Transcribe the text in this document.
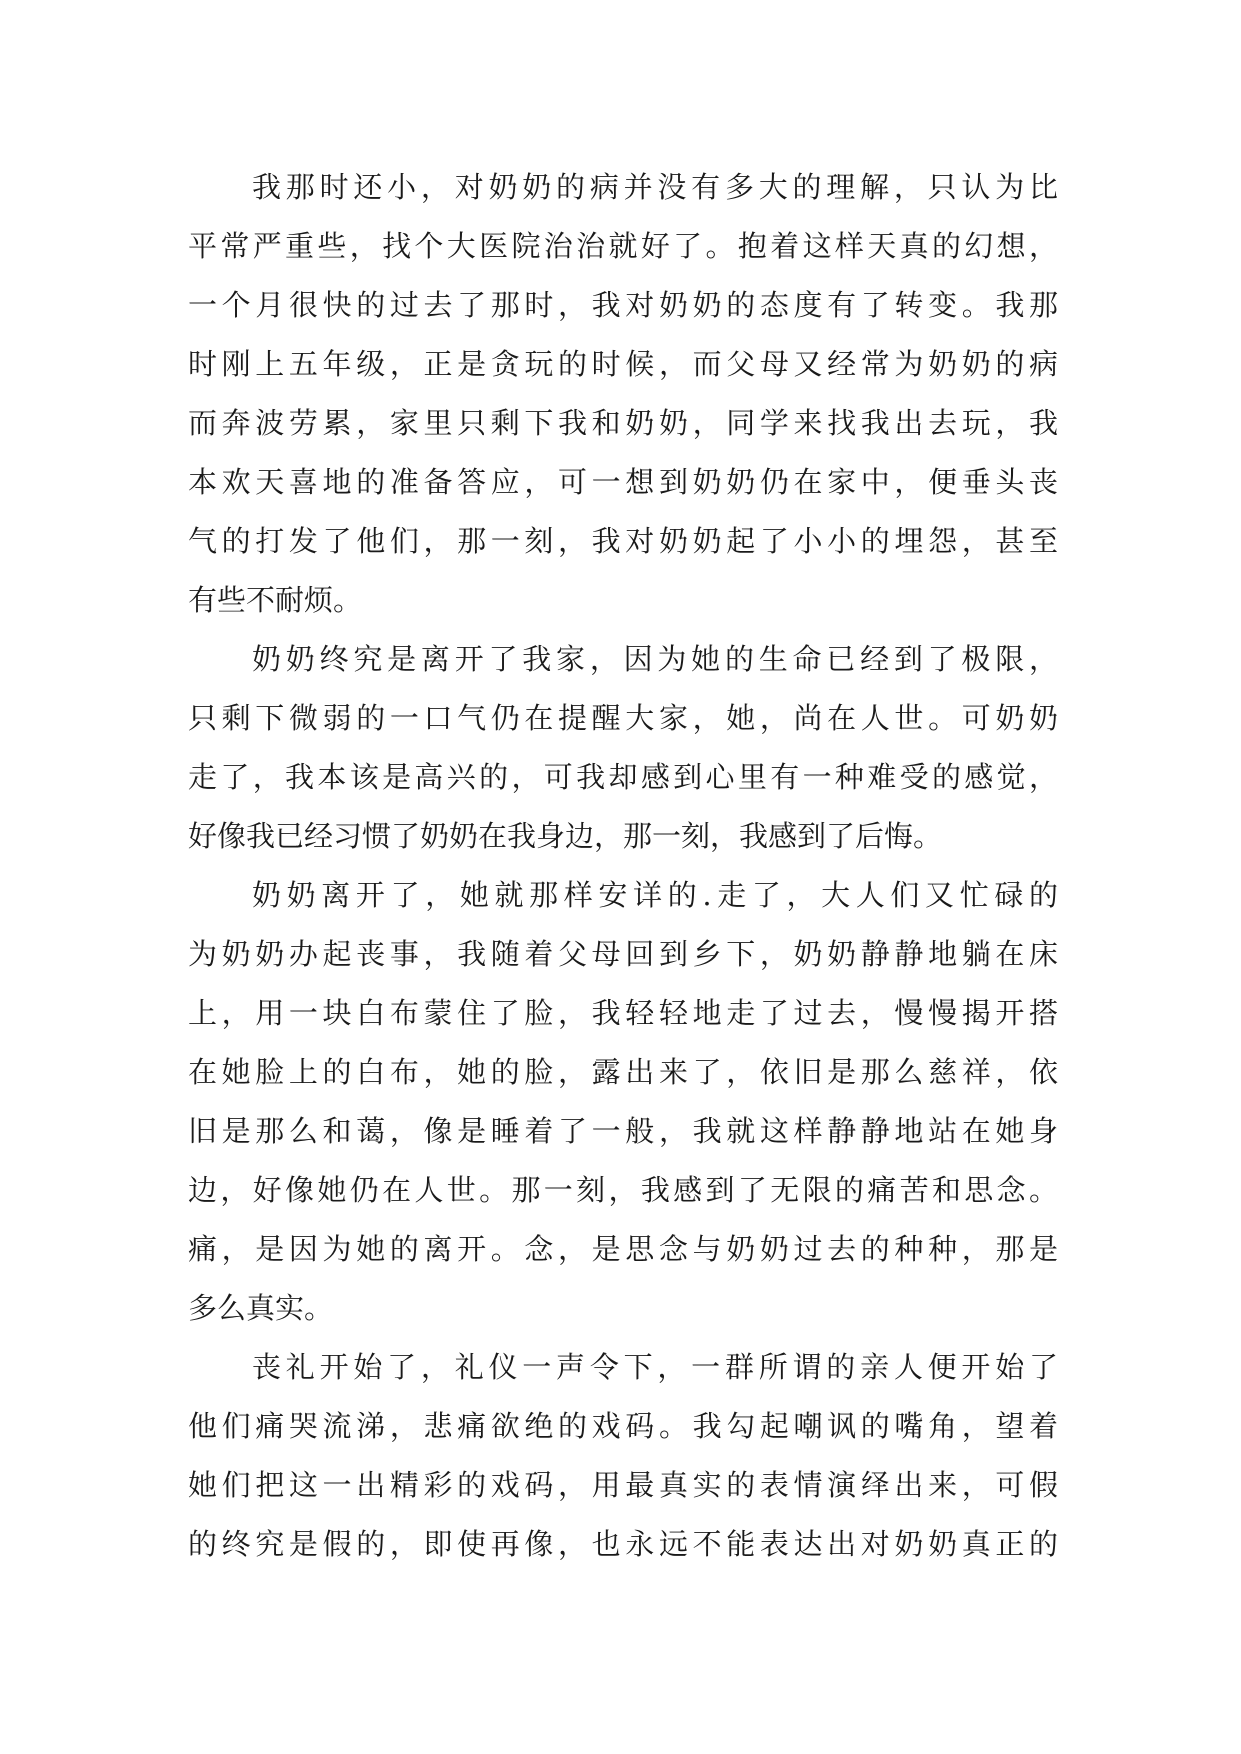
我那时还小，对奶奶的病并没有多大的理解，只认为比
平常严重些，找个大医院治治就好了。抱着这样天真的幻想，
一个月很快的过去了那时，我对奶奶的态度有了转变。我那
时刚上五年级，正是贪玩的时候，而父母又经常为奶奶的病
而奔波劳累，家里只剩下我和奶奶，同学来找我出去玩，我
本欢天喜地的准备答应，可一想到奶奶仍在家中，便垂头丧
气的打发了他们，那一刻，我对奶奶起了小小的埋怨，甚至
有些不耐烦。
奶奶终究是离开了我家，因为她的生命已经到了极限，
只剩下微弱的一口气仍在提醒大家，她，尚在人世。可奶奶
走了，我本该是高兴的，可我却感到心里有一种难受的感觉，
好像我已经习惯了奶奶在我身边，那一刻，我感到了后悔。
奶奶离开了，她就那样安详的.走了，大人们又忙碌的
为奶奶办起丧事，我随着父母回到乡下，奶奶静静地躺在床
上，用一块白布蒙住了脸，我轻轻地走了过去，慢慢揭开搭
在她脸上的白布，她的脸，露出来了，依旧是那么慈祥，依
旧是那么和蔼，像是睡着了一般，我就这样静静地站在她身
边，好像她仍在人世。那一刻，我感到了无限的痛苦和思念。
痛，是因为她的离开。念，是思念与奶奶过去的种种，那是
多么真实。
丧礼开始了，礼仪一声令下，一群所谓的亲人便开始了
他们痛哭流涕，悲痛欲绝的戏码。我勾起嘲讽的嘴角，望着
她们把这一出精彩的戏码，用最真实的表情演绎出来，可假
的终究是假的，即使再像，也永远不能表达出对奶奶真正的
